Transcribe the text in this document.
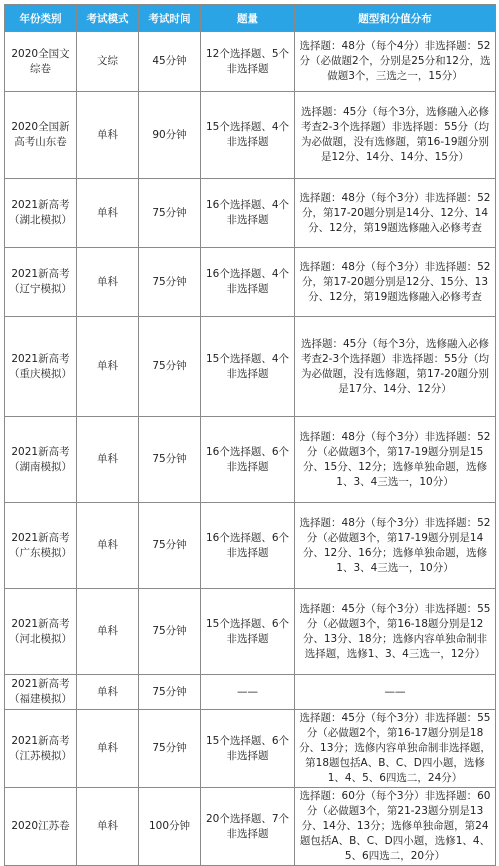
年份类别	考试模式	考试时间	题量	题型和分值分布
2020全国文综卷	文综	45分钟	12个选择题、5个非选择题	选择题：48分（每个4分）非选择题：52分（必做题2个，分别是25分和12分，选做题3个，三选之一，15分）
2020全国新高考山东卷	单科	90分钟	15个选择题、4个非选择题	选择题：45分（每个3分，选修融入必修考查2-3个选择题）非选择题：55分（均为必做题，没有选修题，第16-19题分别是12分、14分、14分、15分）
2021新高考（湖北模拟）	单科	75分钟	16个选择题、4个非选择题	选择题：48分（每个3分）非选择题：52分，第17-20题分别是14分、12分、14分、12分，第19题选修融入必修考查
2021新高考（辽宁模拟）	单科	75分钟	16个选择题、4个非选择题	选择题：48分（每个3分）非选择题：52分，第17-20题分别是12分、15分、13分、12分，第19题选修融入必修考查
2021新高考（重庆模拟）	单科	75分钟	15个选择题、4个非选择题	选择题：45分（每个3分，选修融入必修考查2-3个选择题）非选择题：55分（均为必做题，没有选修题，第17-20题分别是17分、14分、12分）
2021新高考（湖南模拟）	单科	75分钟	16个选择题、6个非选择题	选择题：48分（每个3分）非选择题：52分（必做题3个，第17-19题分别是15分、15分、12分；选修单独命题，选修1、3、4三选一，10分）
2021新高考（广东模拟）	单科	75分钟	16个选择题、6个非选择题	选择题：48分（每个3分）非选择题：52分（必做题3个，第17-19题分别是14分、12分、16分；选修单独命题，选修1、3、4三选一，10分）
2021新高考（河北模拟）	单科	75分钟	15个选择题、6个非选择题	选择题：45分（每个3分）非选择题：55分（必做题3个，第16-18题分别是12分、13分、18分；选修内容单独命制非选择题，选修1、3、4三选一，12分）
2021新高考（福建模拟）	单科	75分钟	——	——
2021新高考（江苏模拟）	单科	75分钟	15个选择题、6个非选择题	选择题：45分（每个3分）非选择题：55分（必做题2个，第16-17题分别是18分、13分；选修内容单独命制非选择题，第18题包括A、B、C、D四小题，选修1、4、5、6四选二，24分）
2020江苏卷	单科	100分钟	20个选择题、7个非选择题	选择题：60分（每个3分）非选择题：60分（必做题3个，第21-23题分别是13分、14分、13分；选修单独命题，第24题包括A、B、C、D四小题，选修1、4、5、6四选二，20分）
